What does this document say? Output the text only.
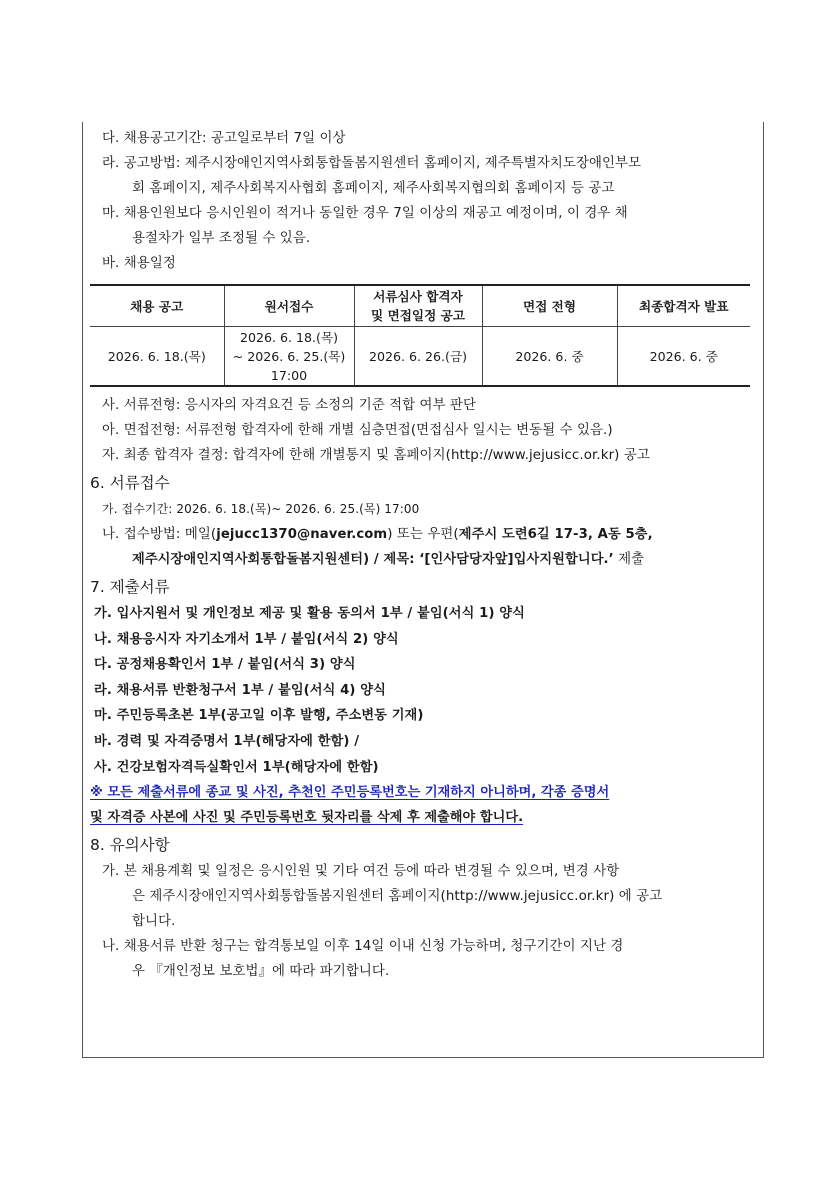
다. 채용공고기간: 공고일로부터 7일 이상
라. 공고방법: 제주시장애인지역사회통합돌봄지원센터 홈페이지, 제주특별자치도장애인부모
회 홈페이지, 제주사회복지사협회 홈페이지, 제주사회복지협의회 홈페이지 등 공고
마. 채용인원보다 응시인원이 적거나 동일한 경우 7일 이상의 재공고 예정이며, 이 경우 채
용절차가 일부 조정될 수 있음.
바. 채용일정
채용 공고	원서접수	서류심사 합격자
및 면접일정 공고	면접 전형	최종합격자 발표
2026. 6. 18.(목)	2026. 6. 18.(목)
~ 2026. 6. 25.(목)
17:00	2026. 6. 26.(금)	2026. 6. 중	2026. 6. 중
사. 서류전형: 응시자의 자격요건 등 소정의 기준 적합 여부 판단
아. 면접전형: 서류전형 합격자에 한해 개별 심층면접(면접심사 일시는 변동될 수 있음.)
자. 최종 합격자 결정: 합격자에 한해 개별통지 및 홈페이지(http://www.jejusicc.or.kr) 공고
6. 서류접수
가. 접수기간: 2026. 6. 18.(목)~ 2026. 6. 25.(목) 17:00
나. 접수방법: 메일(jejucc1370@naver.com) 또는 우편(제주시 도련6길 17-3, A동 5층,
제주시장애인지역사회통합돌봄지원센터) / 제목: ‘[인사담당자앞]입사지원합니다.’ 제출
7. 제출서류
가. 입사지원서 및 개인정보 제공 및 활용 동의서 1부 / 붙임(서식 1) 양식
나. 채용응시자 자기소개서 1부 / 붙임(서식 2) 양식
다. 공정채용확인서 1부 / 붙임(서식 3) 양식
라. 채용서류 반환청구서 1부 / 붙임(서식 4) 양식
마. 주민등록초본 1부(공고일 이후 발행, 주소변동 기재)
바. 경력 및 자격증명서 1부(해당자에 한함) /
사. 건강보험자격득실확인서 1부(해당자에 한함)
※ 모든 제출서류에 종교 및 사진, 추천인 주민등록번호는 기재하지 아니하며, 각종 증명서
및 자격증 사본에 사진 및 주민등록번호 뒷자리를 삭제 후 제출해야 합니다.
8. 유의사항
가. 본 채용계획 및 일정은 응시인원 및 기타 여건 등에 따라 변경될 수 있으며, 변경 사항
은 제주시장애인지역사회통합돌봄지원센터 홈페이지(http://www.jejusicc.or.kr) 에 공고
합니다.
나. 채용서류 반환 청구는 합격통보일 이후 14일 이내 신청 가능하며, 청구기간이 지난 경
우 『개인정보 보호법』에 따라 파기합니다.
